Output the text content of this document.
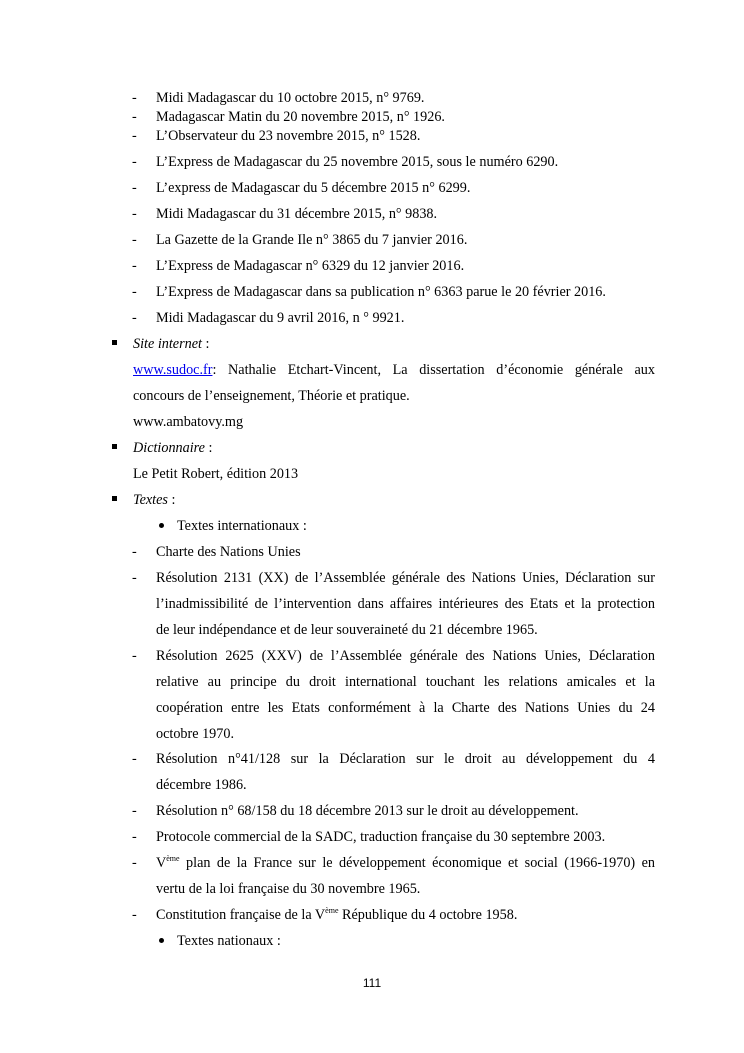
- Midi Madagascar du 10 octobre 2015, n° 9769.
- Madagascar Matin du 20 novembre 2015, n° 1926.
- L’Observateur du 23 novembre 2015, n° 1528.
- L’Express de Madagascar du 25 novembre 2015, sous le numéro 6290.
- L’express de Madagascar du 5 décembre 2015 n° 6299.
- Midi Madagascar du 31 décembre 2015, n° 9838.
- La Gazette de la Grande Ile n° 3865 du 7 janvier 2016.
- L’Express de Madagascar n° 6329 du 12 janvier 2016.
- L’Express de Madagascar dans sa publication n° 6363 parue le 20 février 2016.
- Midi Madagascar du 9 avril 2016, n ° 9921.
Site internet :
www.sudoc.fr: Nathalie Etchart-Vincent, La dissertation d’économie générale aux
concours de l’enseignement, Théorie et pratique.
www.ambatovy.mg
Dictionnaire :
Le Petit Robert, édition 2013
Textes :
Textes internationaux :
- Charte des Nations Unies
- Résolution 2131 (XX) de l’Assemblée générale des Nations Unies, Déclaration sur
l’inadmissibilité de l’intervention dans affaires intérieures des Etats et la protection
de leur indépendance et de leur souveraineté du 21 décembre 1965.
- Résolution 2625 (XXV) de l’Assemblée générale des Nations Unies, Déclaration
relative au principe du droit international touchant les relations amicales et la
coopération entre les Etats conformément à la Charte des Nations Unies du 24
octobre 1970.
- Résolution n°41/128 sur la Déclaration sur le droit au développement du 4
décembre 1986.
- Résolution n° 68/158 du 18 décembre 2013 sur le droit au développement.
- Protocole commercial de la SADC, traduction française du 30 septembre 2003.
- Vème plan de la France sur le développement économique et social (1966-1970) en
vertu de la loi française du 30 novembre 1965.
- Constitution française de la Vème République du 4 octobre 1958.
Textes nationaux :
111
